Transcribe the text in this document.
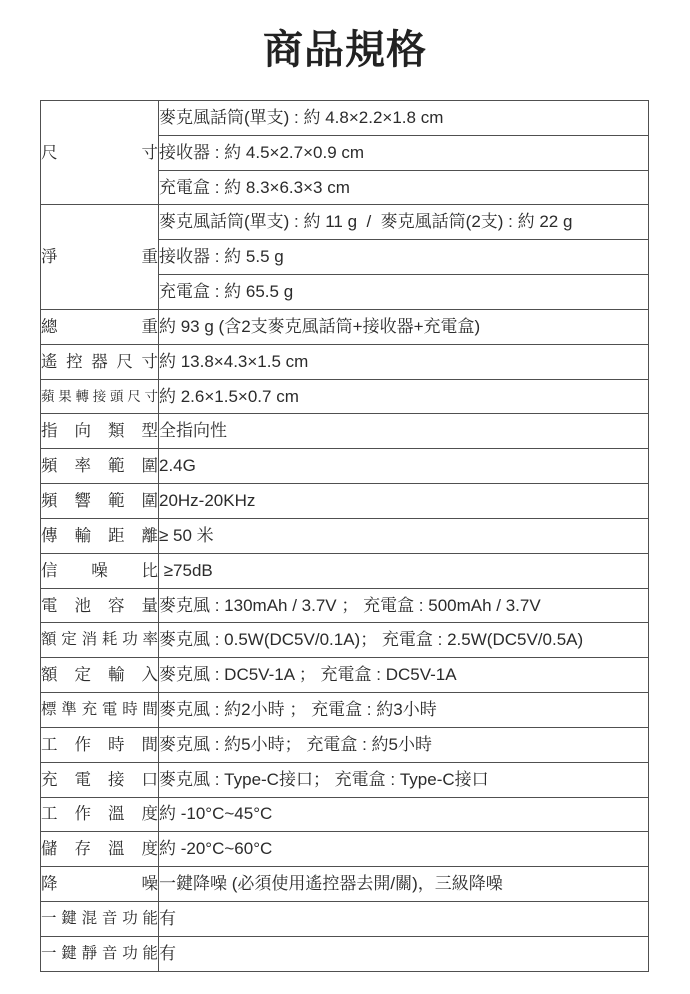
商品規格
尺寸	麥克風話筒(單支) : 約 4.8×2.2×1.8 cm
	接收器 : 約 4.5×2.7×0.9 cm
	充電盒 : 約 8.3×6.3×3 cm

淨重	麥克風話筒(單支) : 約 11 g  /  麥克風話筒(2支) : 約 22 g
	接收器 : 約 5.5 g
	充電盒 : 約 65.5 g

總重	約 93 g (含2支麥克風話筒+接收器+充電盒)

遙控器尺寸	約 13.8×4.3×1.5 cm

蘋果轉接頭尺寸	約 2.6×1.5×0.7 cm

指向類型	全指向性

頻率範圍	2.4G

頻響範圍	20Hz-20KHz

傳輸距離	≥ 50 米

信噪比	≥75dB

電池容量	麥克風 : 130mAh / 3.7V ； 充電盒 : 500mAh / 3.7V

額定消耗功率	麥克風 : 0.5W(DC5V/0.1A)； 充電盒 : 2.5W(DC5V/0.5A)

額定輸入	麥克風 : DC5V-1A ； 充電盒 : DC5V-1A

標準充電時間	麥克風 : 約2小時 ； 充電盒 : 約3小時

工作時間	麥克風 : 約5小時； 充電盒 : 約5小時

充電接口	麥克風 : Type-C接口； 充電盒 : Type-C接口

工作溫度	約 -10°C~45°C

儲存溫度	約 -20°C~60°C

降噪	一鍵降噪 (必須使用遙控器去開/關)，三級降噪

一鍵混音功能	有

一鍵靜音功能	有
